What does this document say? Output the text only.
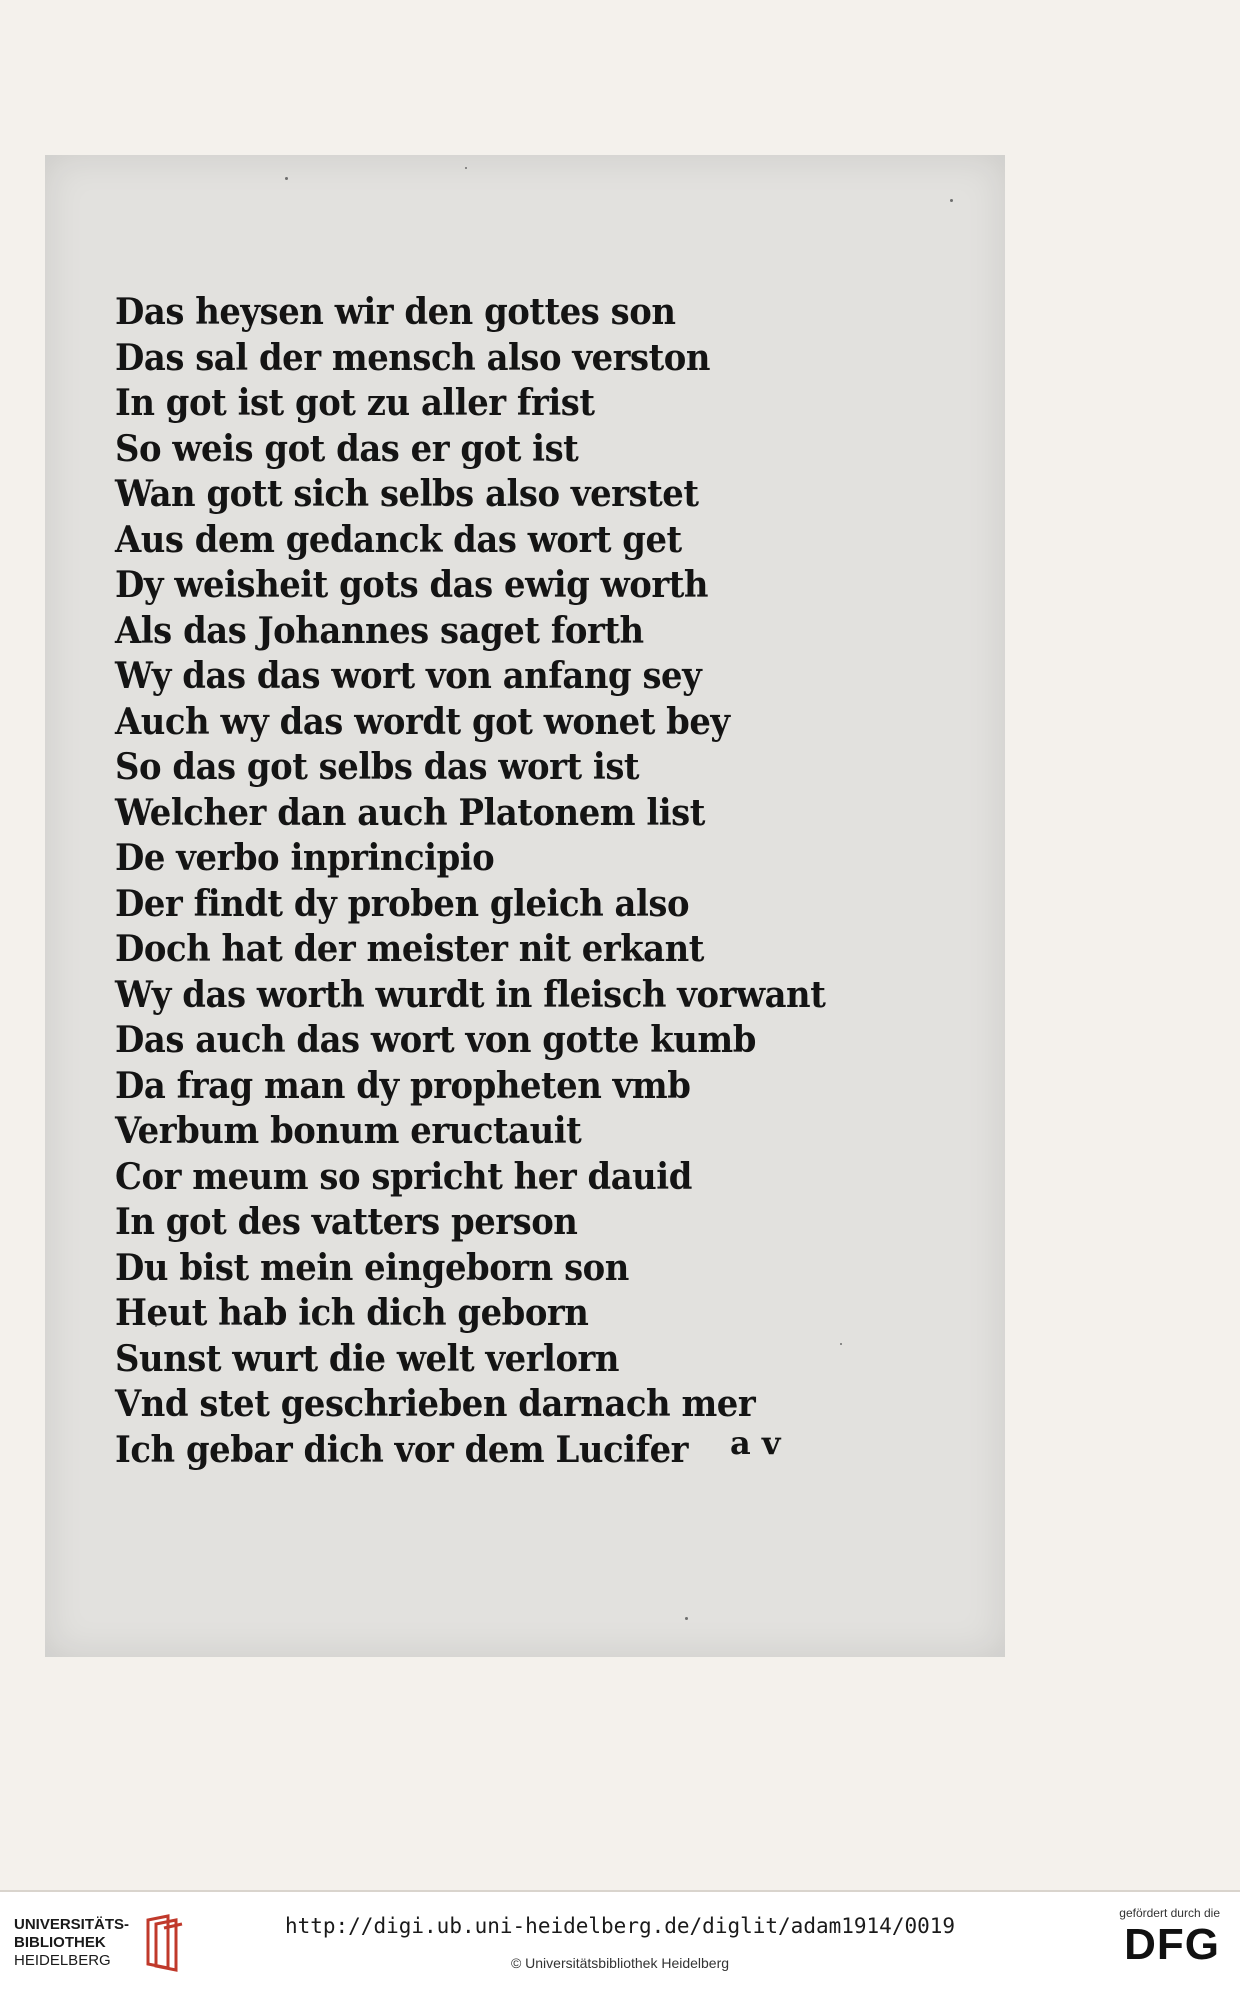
Das heysen wir den gottes son
Das sal der mensch also verston
In got ist got zu aller frist
So weis got das er got ist
Wan gott sich selbs also verstet
Aus dem gedanck das wort get
Dy weisheit gots das ewig worth
Als das Johannes saget forth
Wy das das wort von anfang sey
Auch wy das wordt got wonet bey
So das got selbs das wort ist
Welcher dan auch Platonem list
De verbo inprincipio
Der findt dy proben gleich also
Doch hat der meister nit erkant
Wy das worth wurdt in fleisch vorwant
Das auch das wort von gotte kumb
Da frag man dy propheten vmb
Verbum bonum eructauit
Cor meum so spricht her dauid
In got des vatters person
Du bist mein eingeborn son
Heut hab ich dich geborn
Sunst wurt die welt verlorn
Vnd stet geschrieben darnach mer
Ich gebar dich vor dem Lucifer	a v
UNIVERSITÄTS-
BIBLIOTHEK
HEIDELBERG
http://digi.ub.uni-heidelberg.de/diglit/adam1914/0019
© Universitätsbibliothek Heidelberg
gefördert durch die
DFG
